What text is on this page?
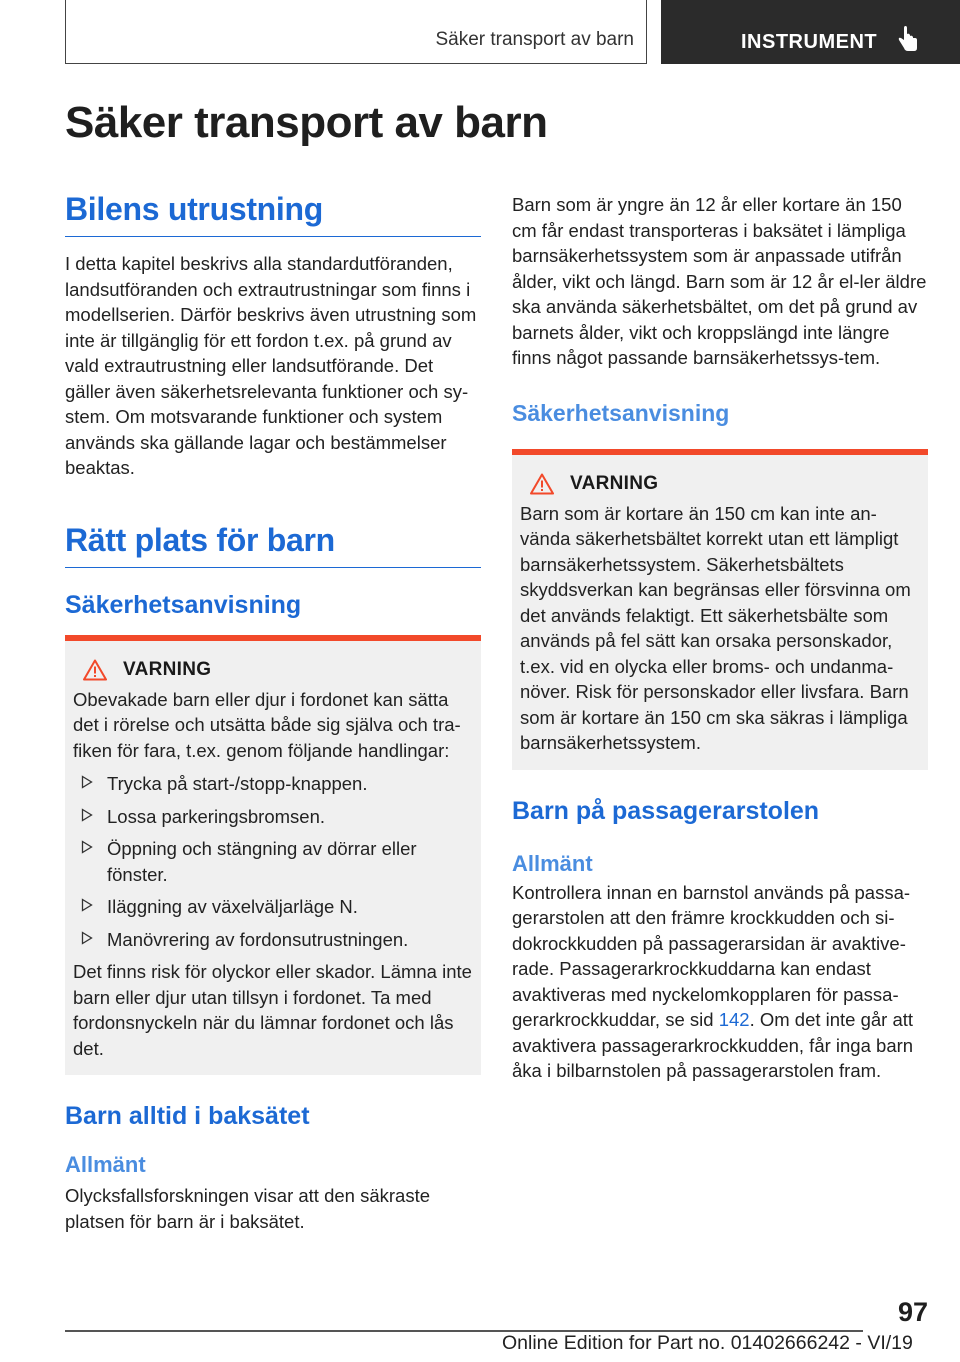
Säker transport av barn	INSTRUMENT
Säker transport av barn
Bilens utrustning

I detta kapitel beskrivs alla standardutföranden, landsutföranden och extrautrustningar som finns i modellserien. Därför beskrivs även utrustning som inte är tillgänglig för ett fordon t.ex. på grund av vald extrautrustning eller landsutförande. Det gäller även säkerhetsrelevanta funktioner och sy-stem. Om motsvarande funktioner och system används ska gällande lagar och bestämmelser beaktas.

Rätt plats för barn
Säkerhetsanvisning
VARNING

Obevakade barn eller djur i fordonet kan sätta det i rörelse och utsätta både sig själva och tra-fiken för fara, t.ex. genom följande handlingar:

Trycka på start-/stopp-knappen.
Lossa parkeringsbromsen.
Öppning och stängning av dörrar eller fönster.
Iläggning av växelväljarläge N.
Manövrering av fordonsutrustningen.

Det finns risk för olyckor eller skador. Lämna inte barn eller djur utan tillsyn i fordonet. Ta med fordonsnyckeln när du lämnar fordonet och lås det.

Barn alltid i baksätet
Allmänt

Olycksfallsforskningen visar att den säkraste platsen för barn är i baksätet.

Barn som är yngre än 12 år eller kortare än 150 cm får endast transporteras i baksätet i lämpliga barnsäkerhetssystem som är anpassade utifrån ålder, vikt och längd. Barn som är 12 år el-ler äldre ska använda säkerhetsbältet, om det på grund av barnets ålder, vikt och kroppslängd inte längre finns något passande barnsäkerhetssys-tem.

Säkerhetsanvisning
VARNING

Barn som är kortare än 150 cm kan inte an-vända säkerhetsbältet korrekt utan ett lämpligt barnsäkerhetssystem. Säkerhetsbältets skyddsverkan kan begränsas eller försvinna om det används felaktigt. Ett säkerhetsbälte som används på fel sätt kan orsaka personskador, t.ex. vid en olycka eller broms- och undanma-növer. Risk för personskador eller livsfara. Barn som är kortare än 150 cm ska säkras i lämpliga barnsäkerhetssystem.

Barn på passagerarstolen
Allmänt

Kontrollera innan en barnstol används på passa-gerarstolen att den främre krockkudden och si-dokrockkudden på passagerarsidan är avaktive-rade. Passagerarkrockkuddarna kan endast avaktiveras med nyckelomkopplaren för passa-gerarkrockkuddar, se sid 142. Om det inte går att avaktivera passagerarkrockkudden, får inga barn åka i bilbarnstolen på passagerarstolen fram.

97
Online Edition for Part no. 01402666242 - VI/19
